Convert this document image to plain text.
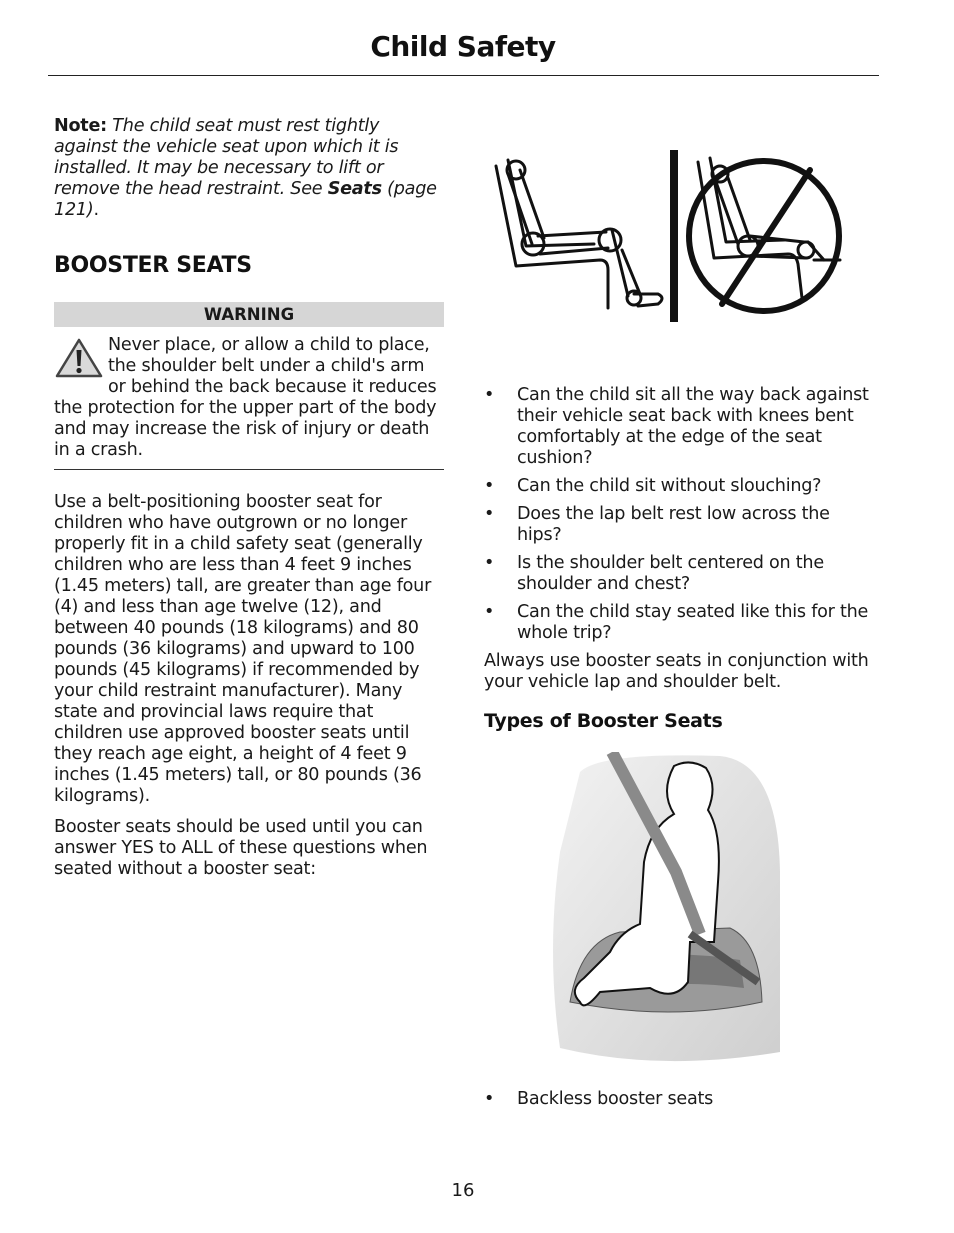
Child Safety

Note: The child seat must rest tightly against the vehicle seat upon which it is installed. It may be necessary to lift or remove the head restraint. See Seats (page 121).

BOOSTER SEATS
WARNING
Never place, or allow a child to place, the shoulder belt under a child's arm or behind the back because it reduces the protection for the upper part of the body and may increase the risk of injury or death in a crash.

Use a belt-positioning booster seat for children who have outgrown or no longer properly fit in a child safety seat (generally children who are less than 4 feet 9 inches (1.45 meters) tall, are greater than age four (4) and less than age twelve (12), and between 40 pounds (18 kilograms) and 80 pounds (36 kilograms) and upward to 100 pounds (45 kilograms) if recommended by your child restraint manufacturer). Many state and provincial laws require that children use approved booster seats until they reach age eight, a height of 4 feet 9 inches (1.45 meters) tall, or 80 pounds (36 kilograms).

Booster seats should be used until you can answer YES to ALL of these questions when seated without a booster seat:

• Can the child sit all the way back against their vehicle seat back with knees bent comfortably at the edge of the seat cushion?
• Can the child sit without slouching?
• Does the lap belt rest low across the hips?
• Is the shoulder belt centered on the shoulder and chest?
• Can the child stay seated like this for the whole trip?

Always use booster seats in conjunction with your vehicle lap and shoulder belt.

Types of Booster Seats
• Backless booster seats
16
